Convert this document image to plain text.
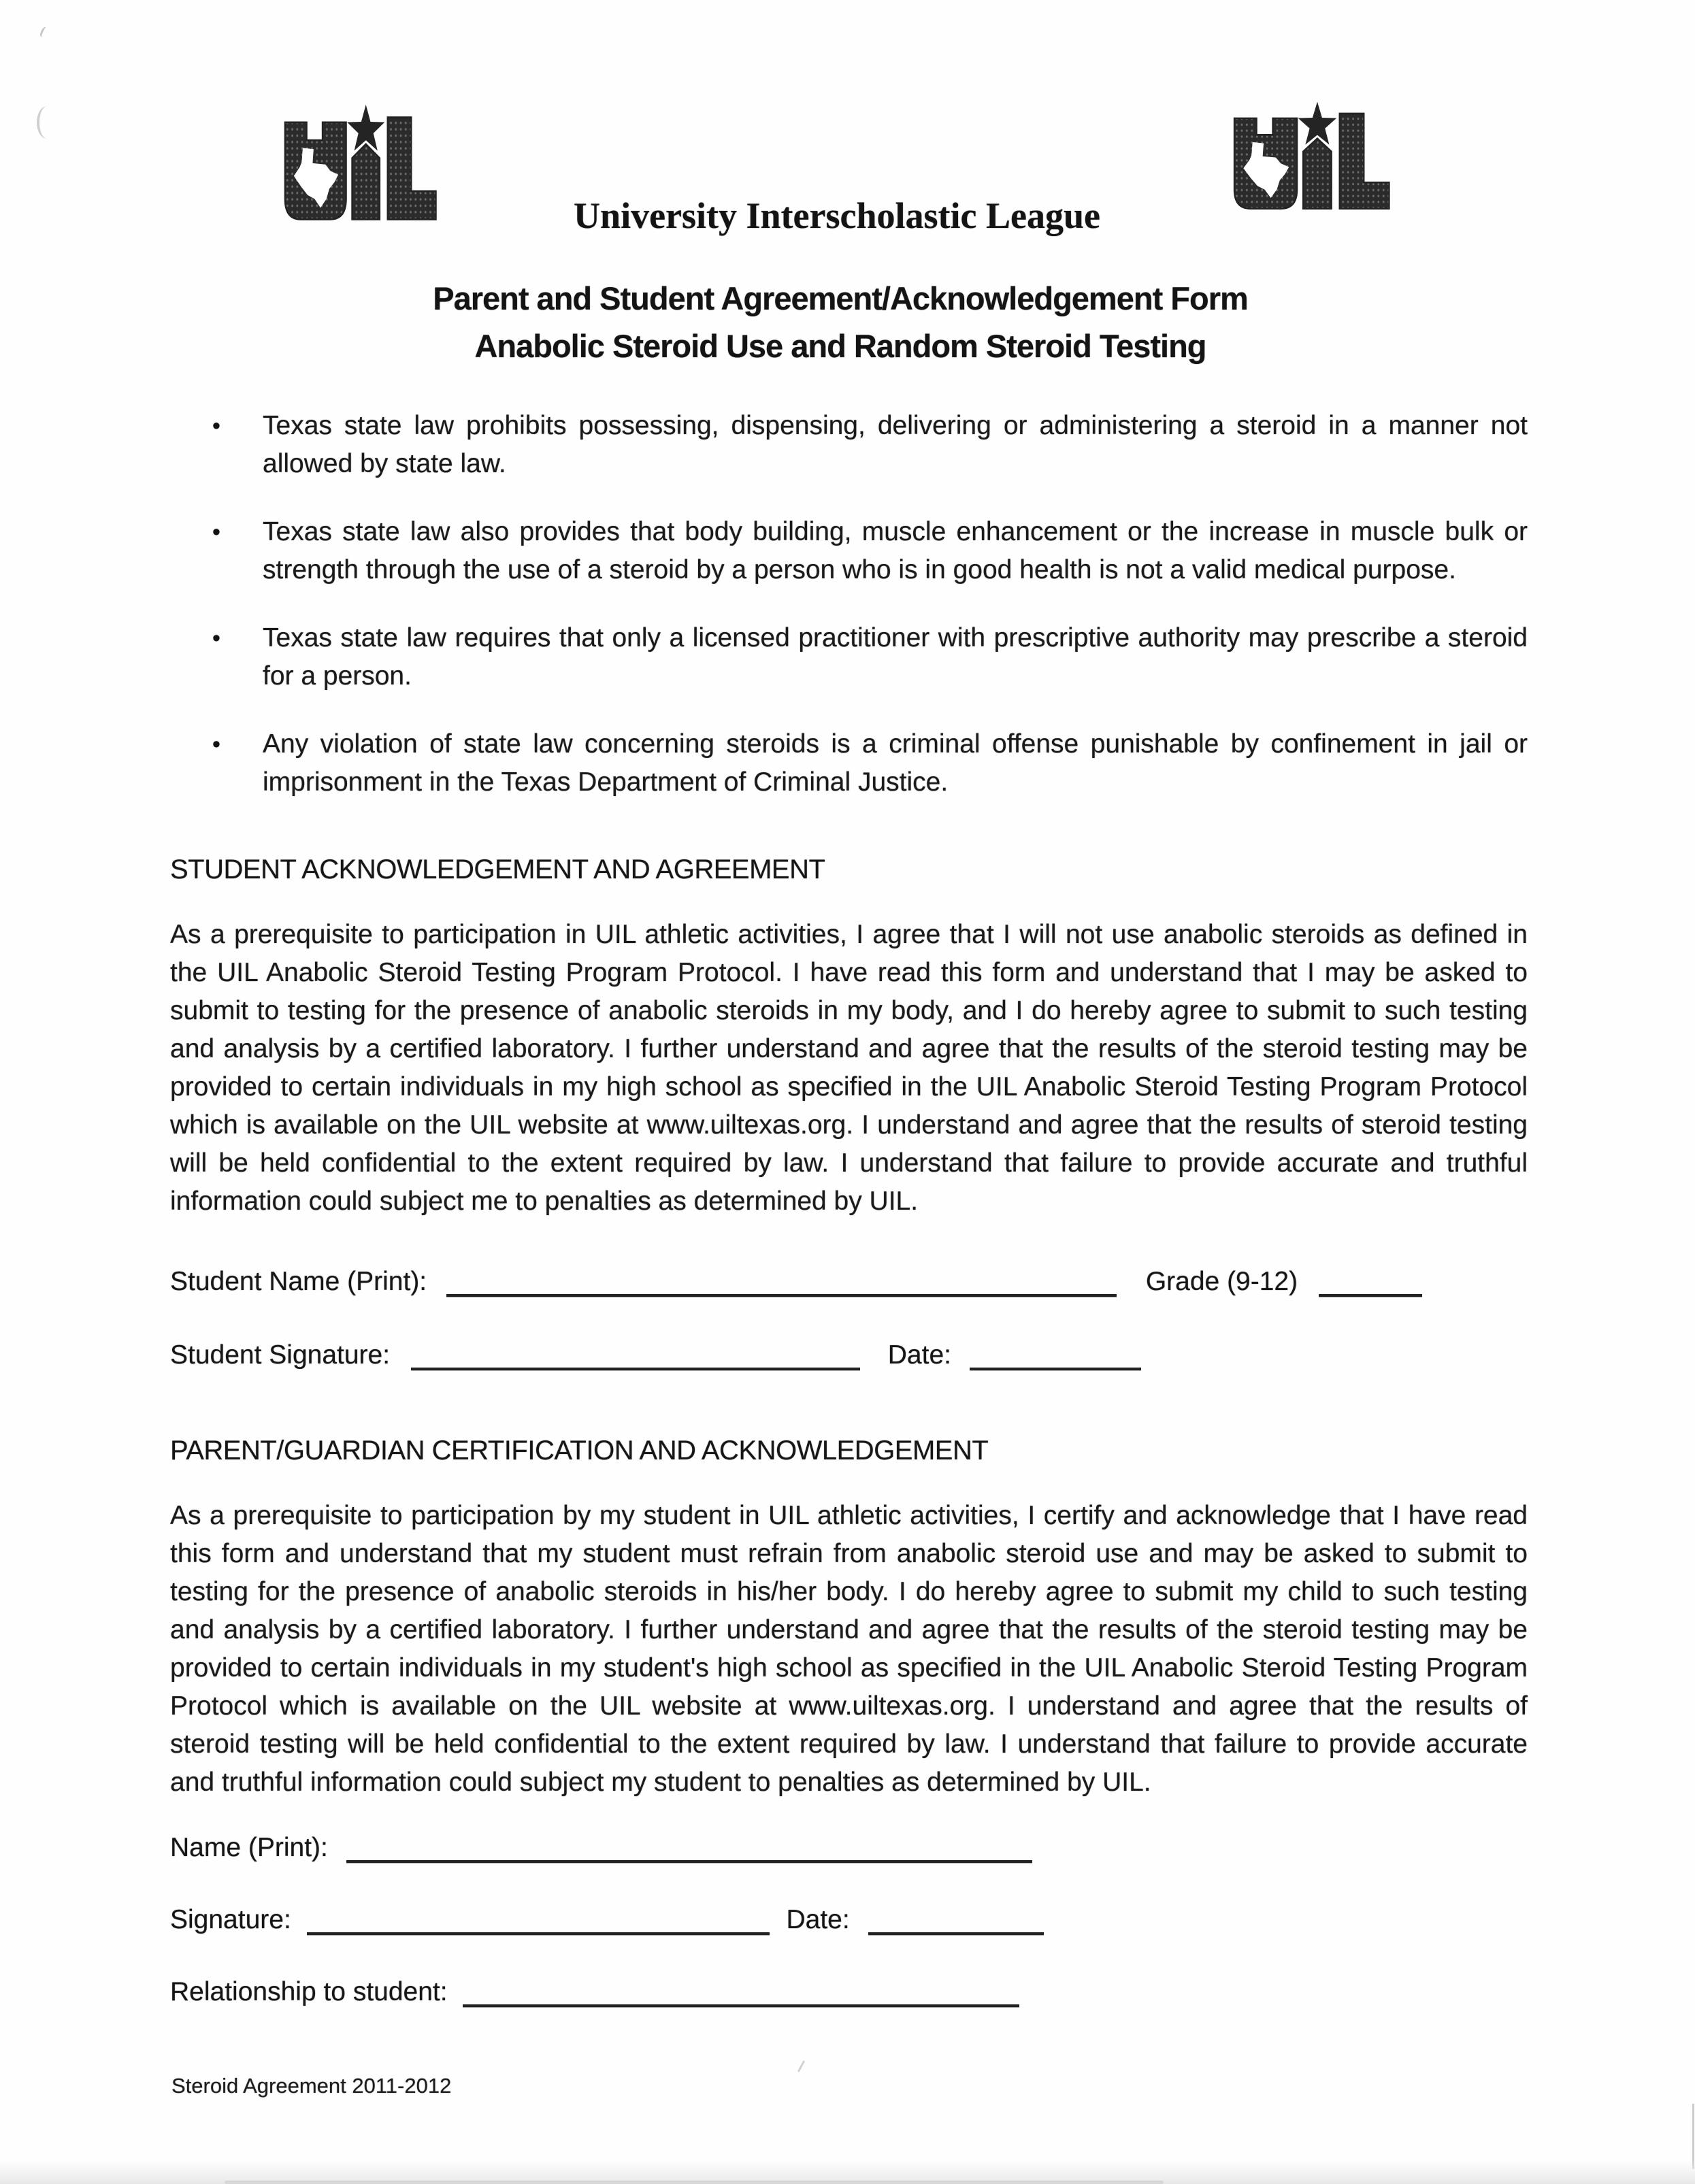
University Interscholastic League
Parent and Student Agreement/Acknowledgement Form
Anabolic Steroid Use and Random Steroid Testing
• Texas state law prohibits possessing, dispensing, delivering or administering a steroid in a manner not allowed by state law.
• Texas state law also provides that body building, muscle enhancement or the increase in muscle bulk or strength through the use of a steroid by a person who is in good health is not a valid medical purpose.
• Texas state law requires that only a licensed practitioner with prescriptive authority may prescribe a steroid for a person.
• Any violation of state law concerning steroids is a criminal offense punishable by confinement in jail or imprisonment in the Texas Department of Criminal Justice.
STUDENT ACKNOWLEDGEMENT AND AGREEMENT
As a prerequisite to participation in UIL athletic activities, I agree that I will not use anabolic steroids as defined in the UIL Anabolic Steroid Testing Program Protocol. I have read this form and understand that I may be asked to submit to testing for the presence of anabolic steroids in my body, and I do hereby agree to submit to such testing and analysis by a certified laboratory. I further understand and agree that the results of the steroid testing may be provided to certain individuals in my high school as specified in the UIL Anabolic Steroid Testing Program Protocol which is available on the UIL website at www.uiltexas.org. I understand and agree that the results of steroid testing will be held confidential to the extent required by law. I understand that failure to provide accurate and truthful information could subject me to penalties as determined by UIL.
Student Name (Print):	Grade (9-12)
Student Signature:	Date:
PARENT/GUARDIAN CERTIFICATION AND ACKNOWLEDGEMENT
As a prerequisite to participation by my student in UIL athletic activities, I certify and acknowledge that I have read this form and understand that my student must refrain from anabolic steroid use and may be asked to submit to testing for the presence of anabolic steroids in his/her body. I do hereby agree to submit my child to such testing and analysis by a certified laboratory. I further understand and agree that the results of the steroid testing may be provided to certain individuals in my student's high school as specified in the UIL Anabolic Steroid Testing Program Protocol which is available on the UIL website at www.uiltexas.org. I understand and agree that the results of steroid testing will be held confidential to the extent required by law. I understand that failure to provide accurate and truthful information could subject my student to penalties as determined by UIL.
Name (Print):
Signature:	Date:
Relationship to student:
Steroid Agreement 2011-2012
